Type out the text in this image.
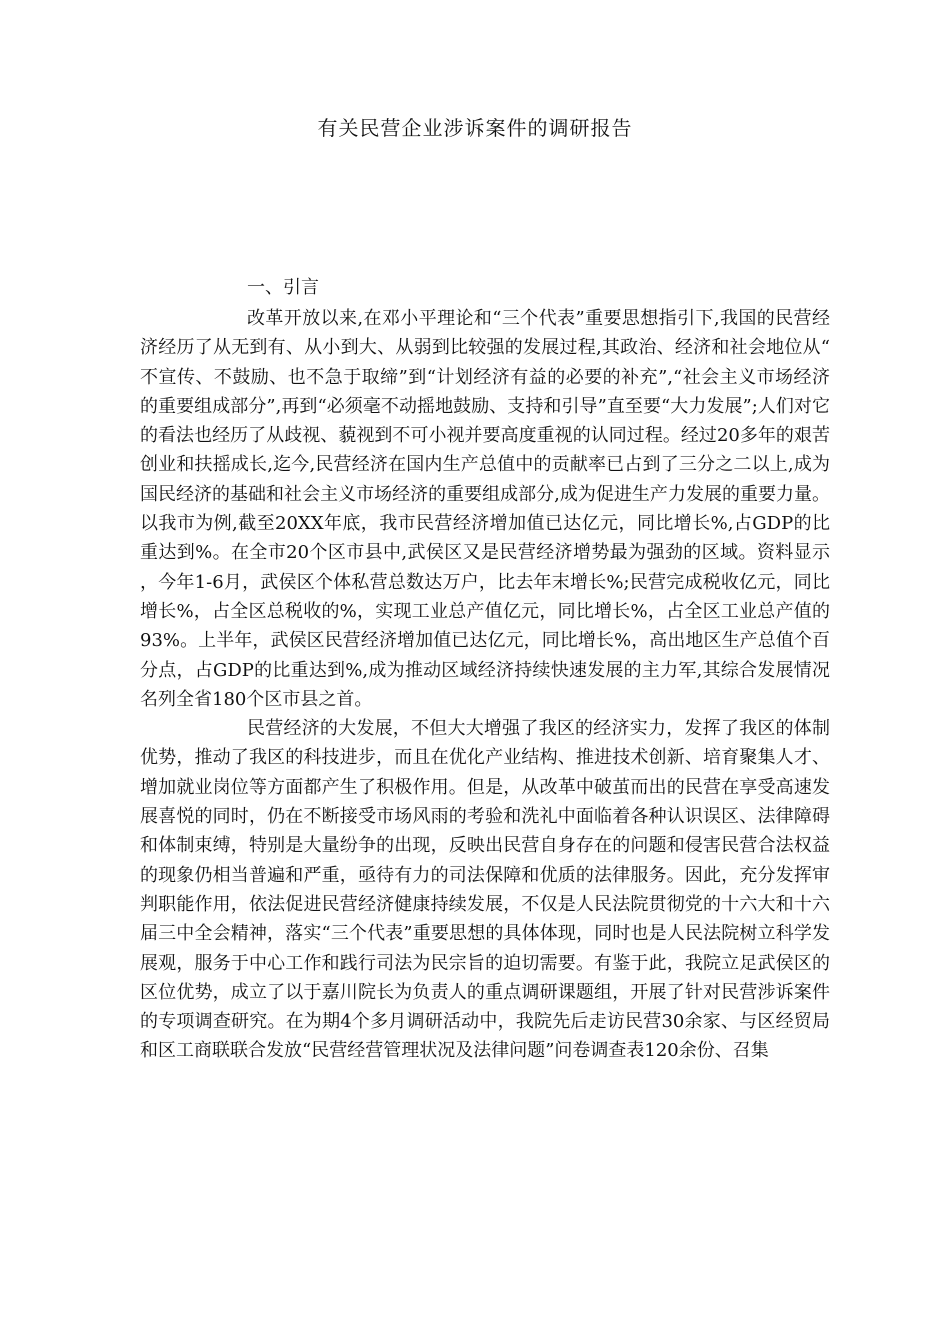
有关民营企业涉诉案件的调研报告
一、引言

改革开放以来,在邓小平理论和“三个代表”重要思想指引下,我国的民营经济经历了从无到有、从小到大、从弱到比较强的发展过程,其政治、经济和社会地位从“不宣传、不鼓励、也不急于取缔”到“计划经济有益的必要的补充”,“社会主义市场经济的重要组成部分”,再到“必须毫不动摇地鼓励、支持和引导”直至要“大力发展”;人们对它的看法也经历了从歧视、藐视到不可小视并要高度重视的认同过程。经过20多年的艰苦创业和扶摇成长,迄今,民营经济在国内生产总值中的贡献率已占到了三分之二以上,成为国民经济的基础和社会主义市场经济的重要组成部分,成为促进生产力发展的重要力量。以我市为例,截至20XX年底，我市民营经济增加值已达亿元，同比增长%,占GDP的比重达到%。在全市20个区市县中,武侯区又是民营经济增势最为强劲的区域。资料显示，今年1-6月，武侯区个体私营总数达万户，比去年末增长%;民营完成税收亿元，同比增长%，占全区总税收的%，实现工业总产值亿元，同比增长%，占全区工业总产值的93%。上半年，武侯区民营经济增加值已达亿元，同比增长%，高出地区生产总值个百分点，占GDP的比重达到%,成为推动区域经济持续快速发展的主力军,其综合发展情况名列全省180个区市县之首。

民营经济的大发展，不但大大增强了我区的经济实力，发挥了我区的体制优势，推动了我区的科技进步，而且在优化产业结构、推进技术创新、培育聚集人才、增加就业岗位等方面都产生了积极作用。但是，从改革中破茧而出的民营在享受高速发展喜悦的同时，仍在不断接受市场风雨的考验和洗礼中面临着各种认识误区、法律障碍和体制束缚，特别是大量纷争的出现，反映出民营自身存在的问题和侵害民营合法权益的现象仍相当普遍和严重，亟待有力的司法保障和优质的法律服务。因此，充分发挥审判职能作用，依法促进民营经济健康持续发展，不仅是人民法院贯彻党的十六大和十六届三中全会精神，落实“三个代表”重要思想的具体体现，同时也是人民法院树立科学发展观，服务于中心工作和践行司法为民宗旨的迫切需要。有鉴于此，我院立足武侯区的区位优势，成立了以于嘉川院长为负责人的重点调研课题组，开展了针对民营涉诉案件的专项调查研究。在为期4个多月调研活动中，我院先后走访民营30余家、与区经贸局和区工商联联合发放“民营经营管理状况及法律问题”问卷调查表120余份、召集
